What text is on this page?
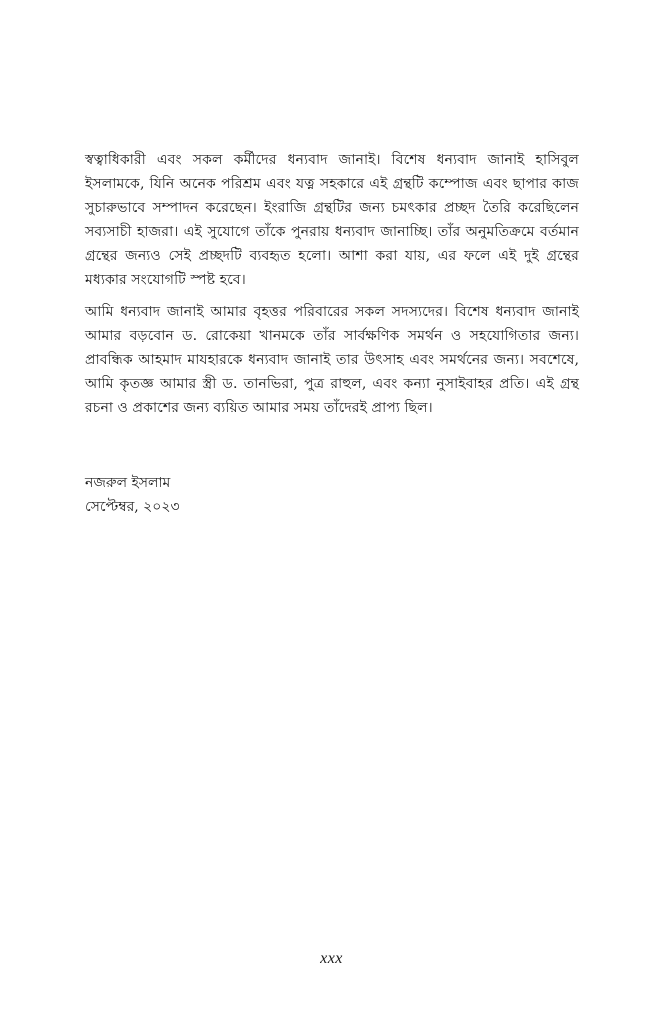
স্বত্বাধিকারী এবং সকল কর্মীদের ধন্যবাদ জানাই। বিশেষ ধন্যবাদ জানাই হাসিবুল ইসলামকে, যিনি অনেক পরিশ্রম এবং যত্ন সহকারে এই গ্রন্থটি কম্পোজ এবং ছাপার কাজ সুচারুভাবে সম্পাদন করেছেন। ইংরাজি গ্রন্থটির জন্য চমৎকার প্রচ্ছদ তৈরি করেছিলেন সব্যসাচী হাজরা। এই সুযোগে তাঁকে পুনরায় ধন্যবাদ জানাচ্ছি। তাঁর অনুমতিক্রমে বর্তমান গ্রন্থের জন্যও সেই প্রচ্ছদটি ব্যবহৃত হলো। আশা করা যায়, এর ফলে এই দুই গ্রন্থের মধ্যকার সংযোগটি স্পষ্ট হবে।

আমি ধন্যবাদ জানাই আমার বৃহত্তর পরিবারের সকল সদস্যদের। বিশেষ ধন্যবাদ জানাই আমার বড়বোন ড. রোকেয়া খানমকে তাঁর সার্বক্ষণিক সমর্থন ও সহযোগিতার জন্য। প্রাবন্ধিক আহমাদ মাযহারকে ধন্যবাদ জানাই তার উৎসাহ এবং সমর্থনের জন্য। সবশেষে, আমি কৃতজ্ঞ আমার স্ত্রী ড. তানভিরা, পুত্র রাহুল, এবং কন্যা নুসাইবাহর প্রতি। এই গ্রন্থ রচনা ও প্রকাশের জন্য ব্যয়িত আমার সময় তাঁদেরই প্রাপ্য ছিল।

নজরুল ইসলাম
সেপ্টেম্বর, ২০২৩
xxx
